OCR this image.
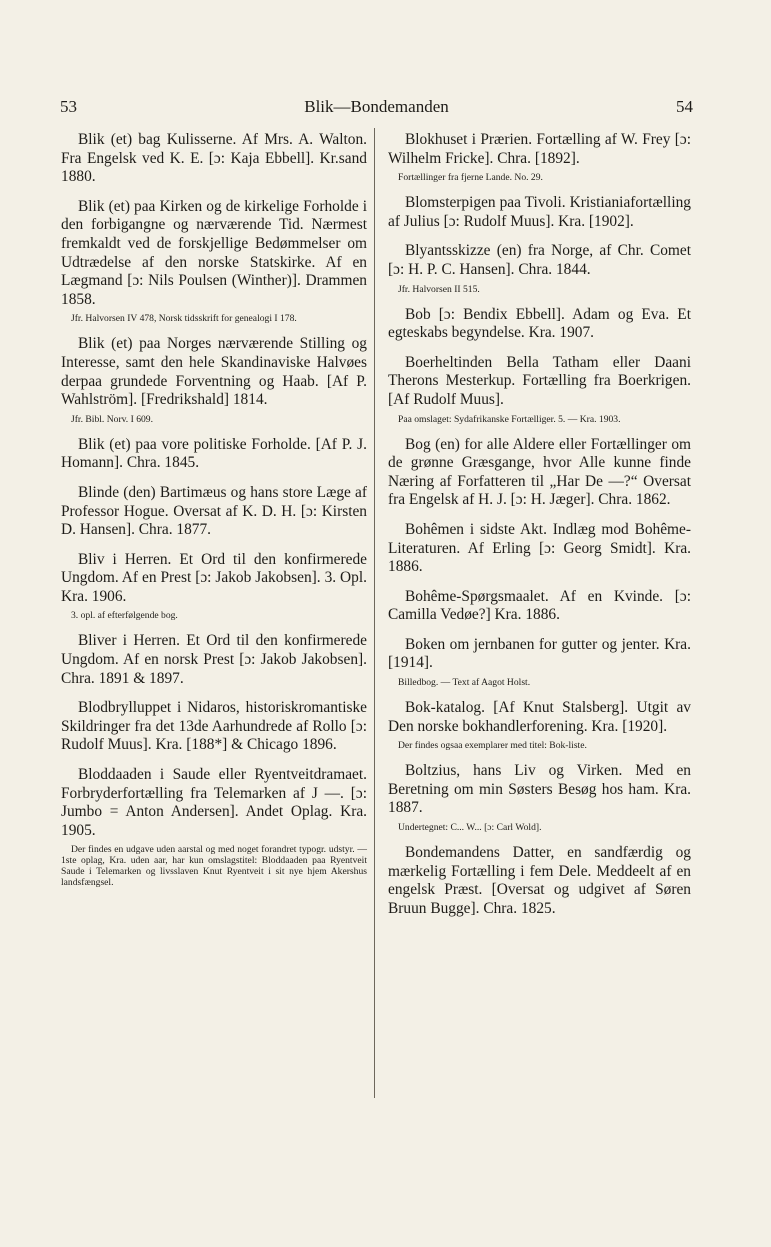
53	Blik—Bondemanden	54

Blik (et) bag Kulisserne. Af Mrs. A. Walton. Fra Engelsk ved K. E. [ɔ: Kaja Ebbell]. Kr.sand 1880.

Blik (et) paa Kirken og de kirkelige Forholde i den forbigangne og nærværende Tid. Nærmest fremkaldt ved de forskjellige Bedømmelser om Udtrædelse af den norske Statskirke. Af en Lægmand [ɔ: Nils Poulsen (Winther)]. Drammen 1858.

Jfr. Halvorsen IV 478, Norsk tidsskrift for genealogi I 178.

Blik (et) paa Norges nærværende Stilling og Interesse, samt den hele Skandinaviske Halvøes derpaa grundede Forventning og Haab. [Af P. Wahlström]. [Fredrikshald] 1814.

Jfr. Bibl. Norv. I 609.

Blik (et) paa vore politiske Forholde. [Af P. J. Homann]. Chra. 1845.

Blinde (den) Bartimæus og hans store Læge af Professor Hogue. Oversat af K. D. H. [ɔ: Kirsten D. Hansen]. Chra. 1877.

Bliv i Herren. Et Ord til den konfirmerede Ungdom. Af en Prest [ɔ: Jakob Jakobsen]. 3. Opl. Kra. 1906.

3. opl. af efterfølgende bog.

Bliver i Herren. Et Ord til den konfirmerede Ungdom. Af en norsk Prest [ɔ: Jakob Jakobsen]. Chra. 1891 & 1897.

Blodbrylluppet i Nidaros, historiskromantiske Skildringer fra det 13de Aarhundrede af Rollo [ɔ: Rudolf Muus]. Kra. [188*] & Chicago 1896.

Bloddaaden i Saude eller Ryentveitdramaet. Forbryderfortælling fra Telemarken af J —. [ɔ: Jumbo = Anton Andersen]. Andet Oplag. Kra. 1905.

Der findes en udgave uden aarstal og med noget forandret typogr. udstyr. — 1ste oplag, Kra. uden aar, har kun omslagstitel: Bloddaaden paa Ryentveit Saude i Telemarken og livsslaven Knut Ryentveit i sit nye hjem Akershus landsfængsel.

Blokhuset i Prærien. Fortælling af W. Frey [ɔ: Wilhelm Fricke]. Chra. [1892].

Fortællinger fra fjerne Lande. No. 29.

Blomsterpigen paa Tivoli. Kristianiafortælling af Julius [ɔ: Rudolf Muus]. Kra. [1902].

Blyantsskizze (en) fra Norge, af Chr. Comet [ɔ: H. P. C. Hansen]. Chra. 1844.

Jfr. Halvorsen II 515.

Bob [ɔ: Bendix Ebbell]. Adam og Eva. Et egteskabs begyndelse. Kra. 1907.

Boerheltinden Bella Tatham eller Daani Therons Mesterkup. Fortælling fra Boerkrigen. [Af Rudolf Muus].

Paa omslaget: Sydafrikanske Fortælliger. 5. — Kra. 1903.

Bog (en) for alle Aldere eller Fortællinger om de grønne Græsgange, hvor Alle kunne finde Næring af Forfatteren til „Har De —?“ Oversat fra Engelsk af H. J. [ɔ: H. Jæger]. Chra. 1862.

Bohêmen i sidste Akt. Indlæg mod Bohême-Literaturen. Af Erling [ɔ: Georg Smidt]. Kra. 1886.

Bohême-Spørgsmaalet. Af en Kvinde. [ɔ: Camilla Vedøe?] Kra. 1886.

Boken om jernbanen for gutter og jenter. Kra. [1914].

Billedbog. — Text af Aagot Holst.

Bok-katalog. [Af Knut Stalsberg]. Utgit av Den norske bokhandlerforening. Kra. [1920].

Der findes ogsaa exemplarer med titel: Bok-liste.

Boltzius, hans Liv og Virken. Med en Beretning om min Søsters Besøg hos ham. Kra. 1887.

Undertegnet: C... W... [ɔ: Carl Wold].

Bondemandens Datter, en sandfærdig og mærkelig Fortælling i fem Dele. Meddeelt af en engelsk Præst. [Oversat og udgivet af Søren Bruun Bugge]. Chra. 1825.
